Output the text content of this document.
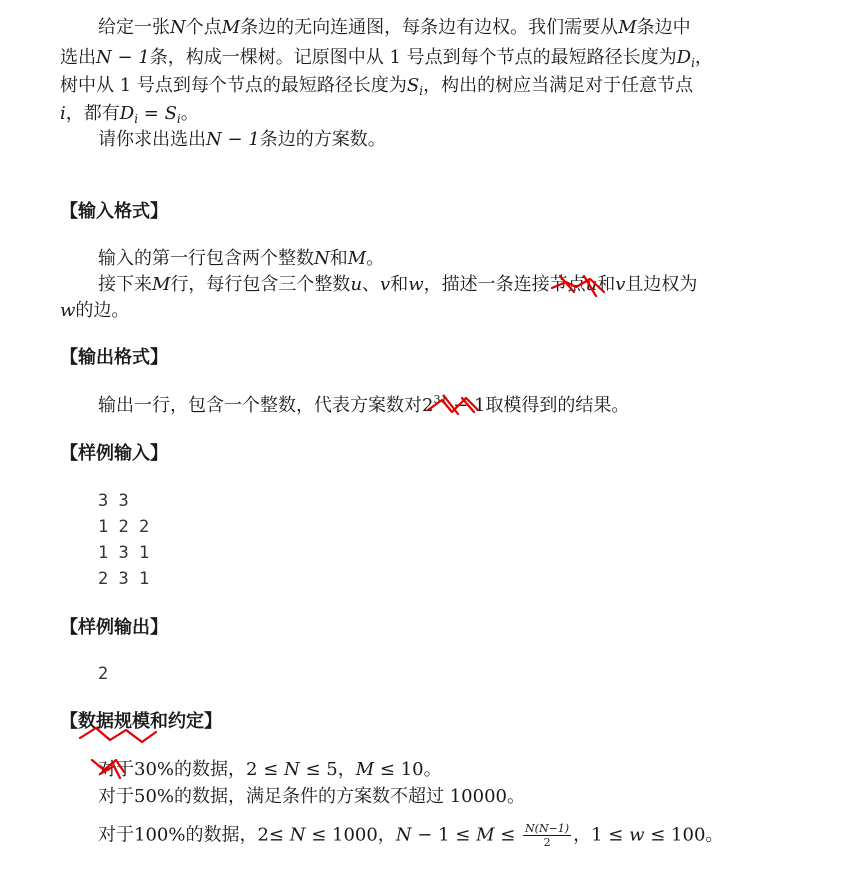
给定一张N个点M条边的无向连通图，每条边有边权。我们需要从M条边中
选出N − 1条，构成一棵树。记原图中从 1 号点到每个节点的最短路径长度为$D_i$，
树中从 1 号点到每个节点的最短路径长度为$S_i$，构出的树应当满足对于任意节点
i，都有$D_i = S_i$。
请你求出选出N − 1条边的方案数。
【输入格式】
输入的第一行包含两个整数N和M。
接下来M行，每行包含三个整数u、v和w，描述一条连接节点u和v且边权为
w的边。
【输出格式】
输出一行，包含一个整数，代表方案数对$2^{31} - 1$取模得到的结果。
【样例输入】
3 3
1 2 2
1 3 1
2 3 1
【样例输出】
2
【数据规模和约定】
对于30%的数据，2 ≤ N ≤ 5，M ≤ 10。
对于50%的数据，满足条件的方案数不超过 10000。
对于100%的数据，2≤ N ≤ 1000，$N - 1 \le M \le \frac{N(N-1)}{2}$ ，1 ≤ w ≤ 100。
